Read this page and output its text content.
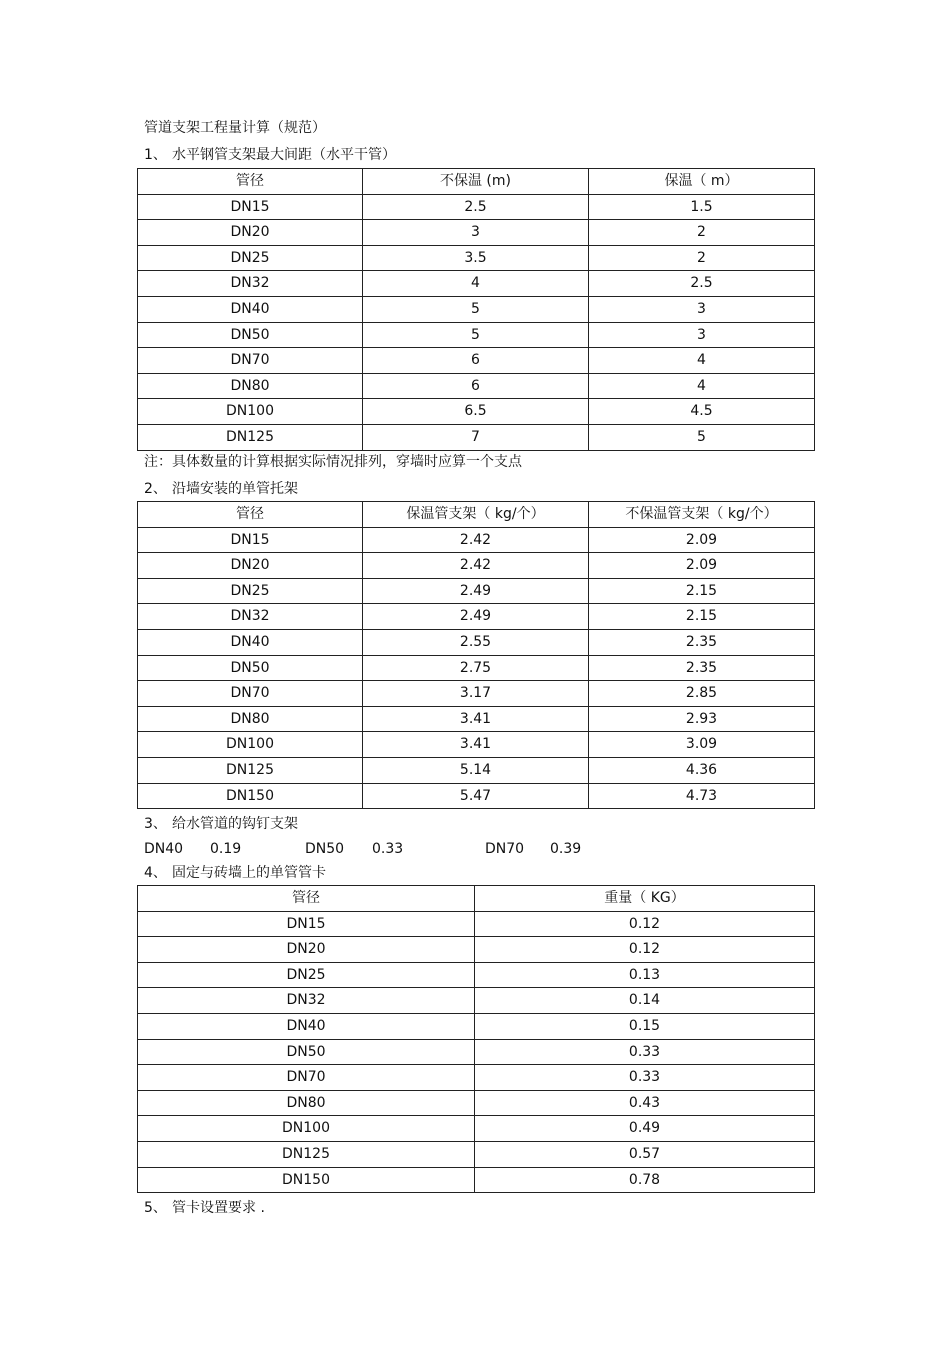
管道支架工程量计算（规范）
1、 水平钢管支架最大间距（水平干管）
管径	不保温 (m)	保温（ m）
DN15	2.5	1.5
DN20	3	2
DN25	3.5	2
DN32	4	2.5
DN40	5	3
DN50	5	3
DN70	6	4
DN80	6	4
DN100	6.5	4.5
DN125	7	5
注：具体数量的计算根据实际情况排列，穿墙时应算一个支点
2、 沿墙安装的单管托架
管径	保温管支架（ kg/个）	不保温管支架（ kg/个）
DN15	2.42	2.09
DN20	2.42	2.09
DN25	2.49	2.15
DN32	2.49	2.15
DN40	2.55	2.35
DN50	2.75	2.35
DN70	3.17	2.85
DN80	3.41	2.93
DN100	3.41	3.09
DN125	5.14	4.36
DN150	5.47	4.73
3、 给水管道的钩钉支架
DN40 0.19	DN50 0.33	DN70 0.39
4、 固定与砖墙上的单管管卡
管径	重量（ KG）
DN15	0.12
DN20	0.12
DN25	0.13
DN32	0.14
DN40	0.15
DN50	0.33
DN70	0.33
DN80	0.43
DN100	0.49
DN125	0.57
DN150	0.78
5、 管卡设置要求 .
